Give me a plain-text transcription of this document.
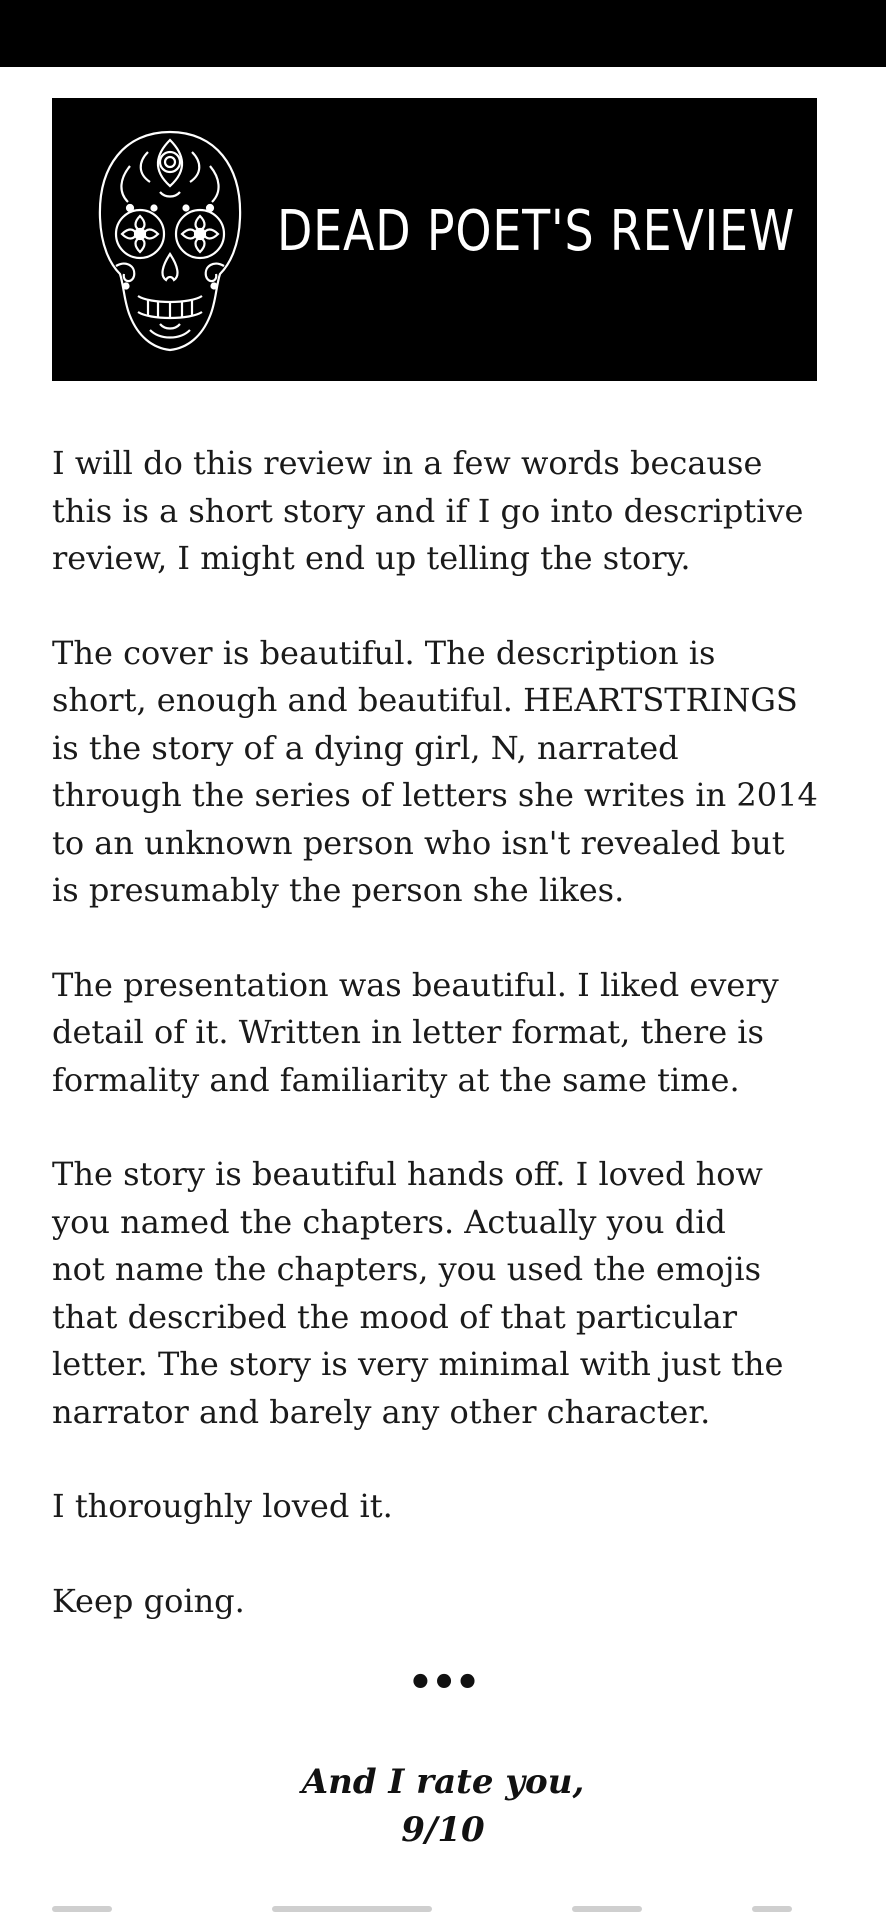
DEAD POET'S REVIEW

I will do this review in a few words because
this is a short story and if I go into descriptive
review, I might end up telling the story.

The cover is beautiful. The description is
short, enough and beautiful. HEARTSTRINGS
is the story of a dying girl, N, narrated
through the series of letters she writes in 2014
to an unknown person who isn't revealed but
is presumably the person she likes.

The presentation was beautiful. I liked every
detail of it. Written in letter format, there is
formality and familiarity at the same time.

The story is beautiful hands off. I loved how
you named the chapters. Actually you did
not name the chapters, you used the emojis
that described the mood of that particular
letter. The story is very minimal with just the
narrator and barely any other character.

I thoroughly loved it.

Keep going.

•••
And I rate you,
9/10
